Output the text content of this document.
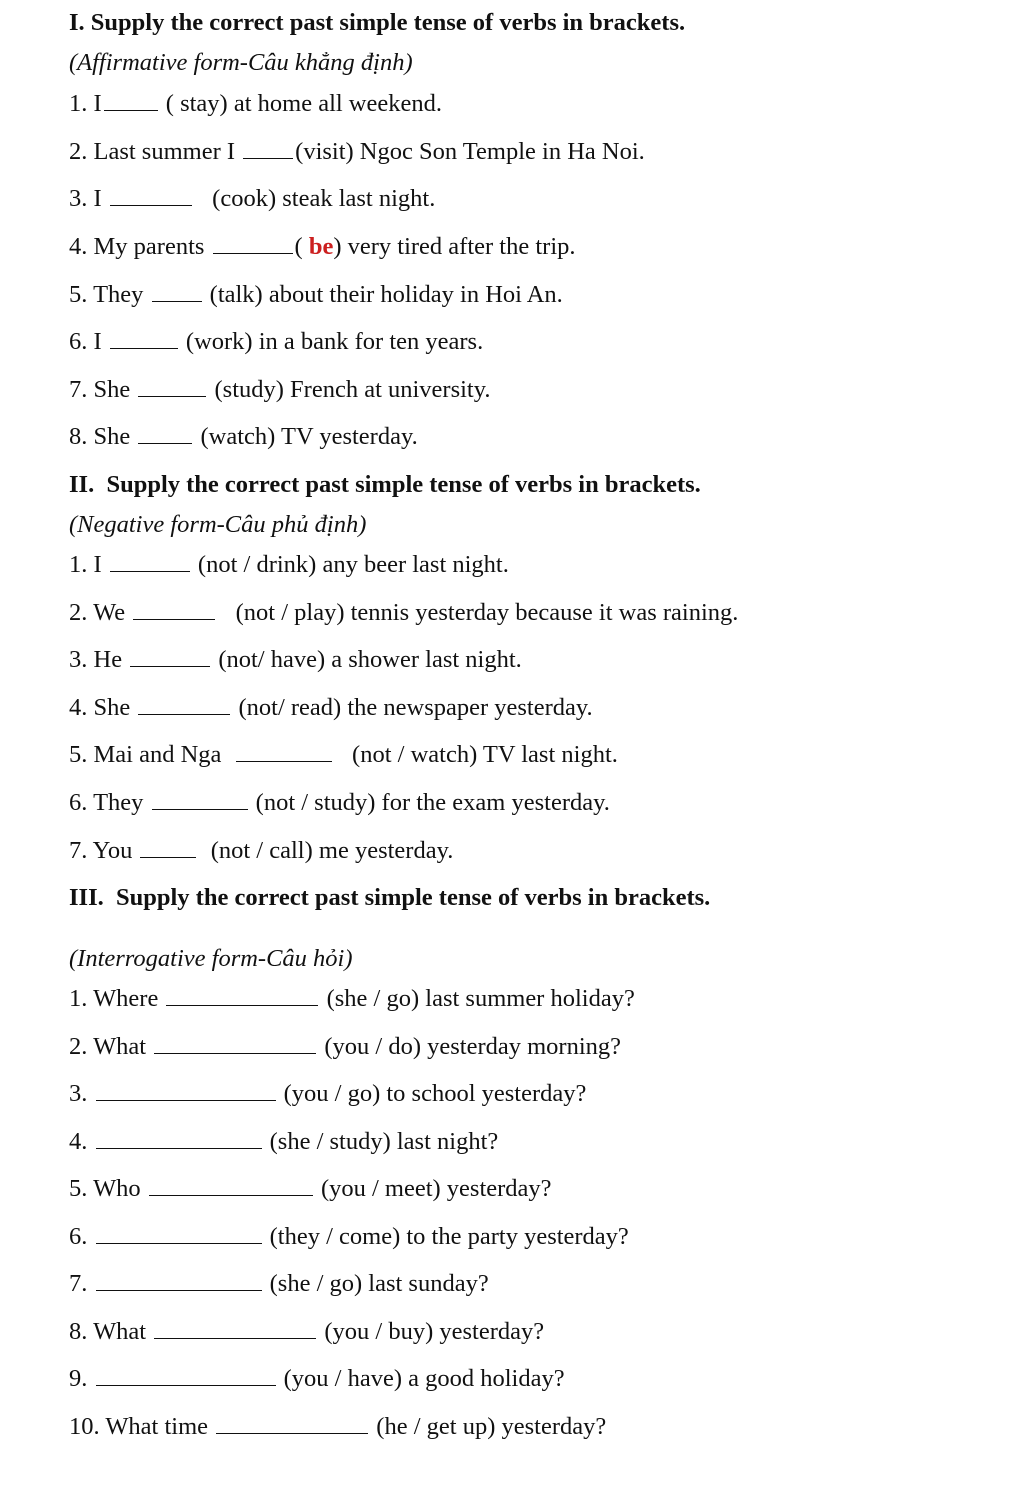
I. Supply the correct past simple tense of verbs in brackets.
(Affirmative form-Câu khẳng định)
1. I	( stay) at home all weekend.
2. Last summer I (visit) Ngoc Son Temple in Ha Noi.
3. I	(cook) steak last night.
4. My parents	( be) very tired after the trip.
5. They	(talk) about their holiday in Hoi An.
6. I	(work) in a bank for ten years.
7. She	(study) French at university.
8. She	(watch) TV yesterday.
II.  Supply the correct past simple tense of verbs in brackets.
(Negative form-Câu phủ định)
1. I	(not / drink) any beer last night.
2. We	(not / play) tennis yesterday because it was raining.
3. He	(not/ have) a shower last night.
4. She	(not/ read) the newspaper yesterday.
5. Mai and Nga	(not / watch) TV last night.
6. They	(not / study) for the exam yesterday.
7. You	(not / call) me yesterday.
III.  Supply the correct past simple tense of verbs in brackets.
(Interrogative form-Câu hỏi)
1. Where	(she / go) last summer holiday?
2. What	(you / do) yesterday morning?
3.	(you / go) to school yesterday?
4.	(she / study) last night?
5. Who	(you / meet) yesterday?
6.	(they / come) to the party yesterday?
7.	(she / go) last sunday?
8. What	(you / buy) yesterday?
9.	(you / have) a good holiday?
10. What time	(he / get up) yesterday?
